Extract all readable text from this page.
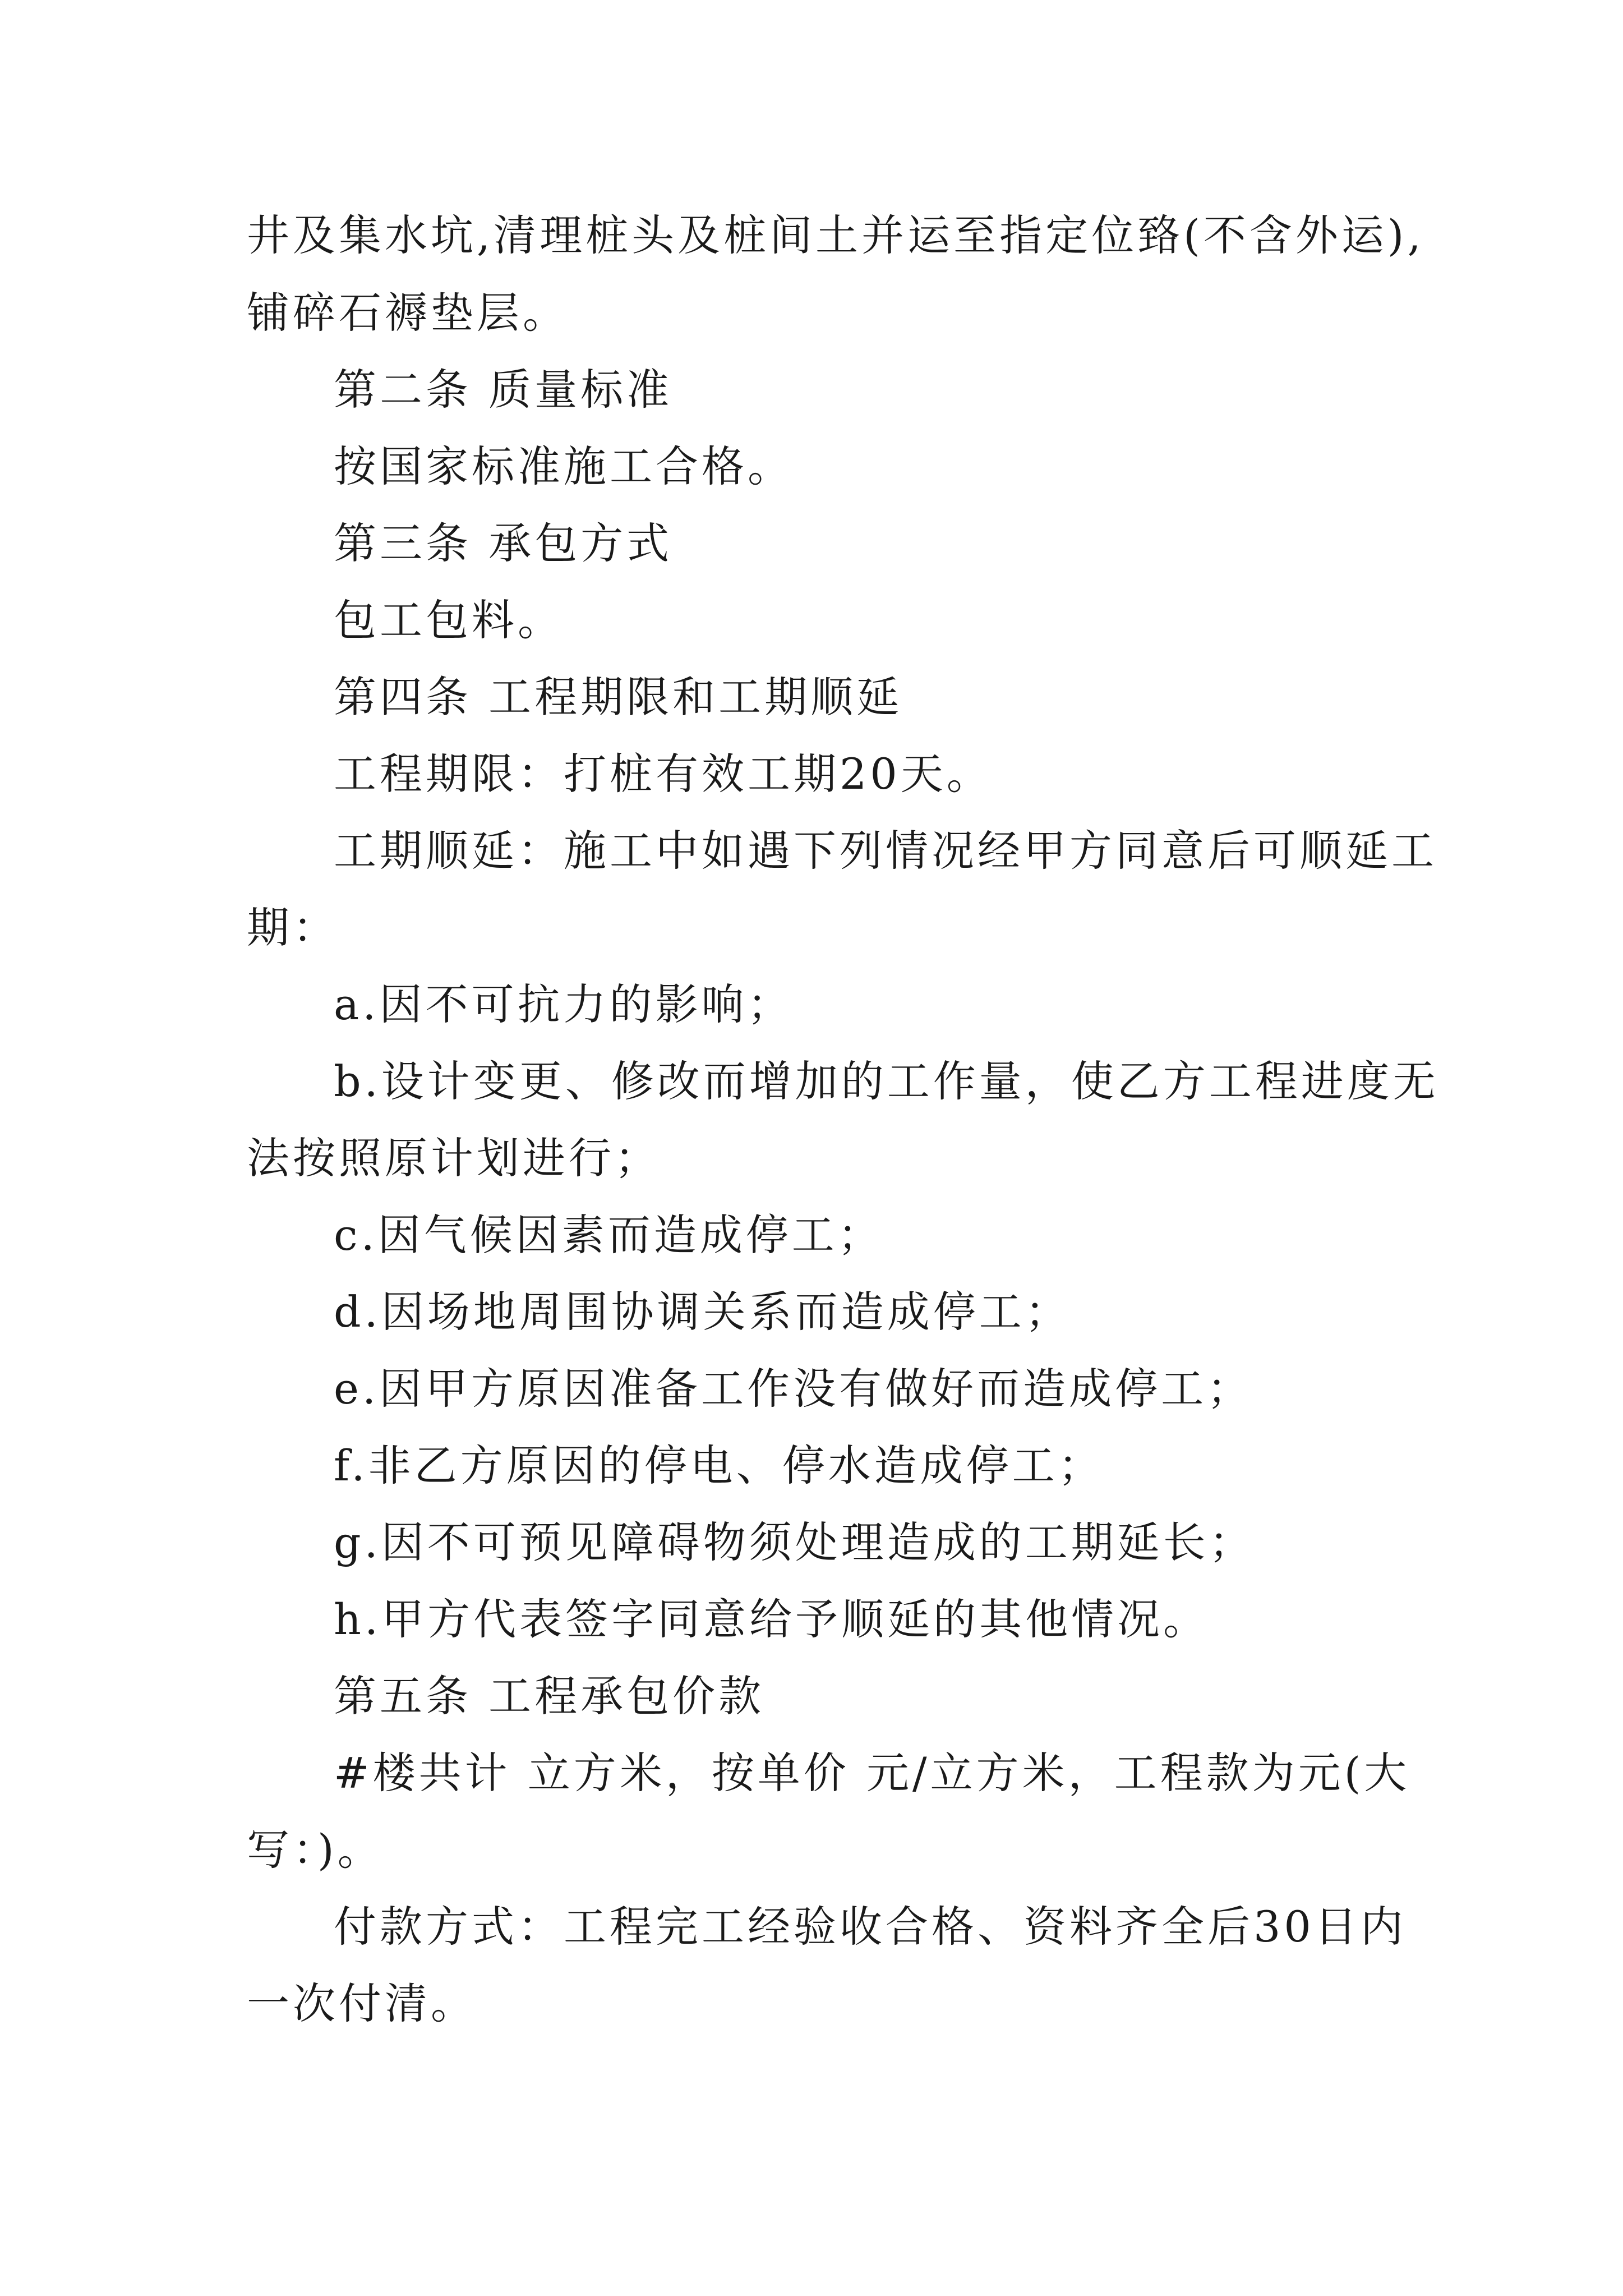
井及集水坑,清理桩头及桩间土并运至指定位臵(不含外运),
铺碎石褥垫层。
第二条 质量标准
按国家标准施工合格。
第三条 承包方式
包工包料。
第四条 工程期限和工期顺延
工程期限：打桩有效工期20天。
工期顺延：施工中如遇下列情况经甲方同意后可顺延工
期：
a.因不可抗力的影响；
b.设计变更、修改而增加的工作量，使乙方工程进度无
法按照原计划进行；
c.因气候因素而造成停工；
d.因场地周围协调关系而造成停工；
e.因甲方原因准备工作没有做好而造成停工；
f.非乙方原因的停电、停水造成停工；
g.因不可预见障碍物须处理造成的工期延长；
h.甲方代表签字同意给予顺延的其他情况。
第五条 工程承包价款
#楼共计 立方米，按单价 元/立方米，工程款为元(大
写：)。
付款方式：工程完工经验收合格、资料齐全后30日内
一次付清。
